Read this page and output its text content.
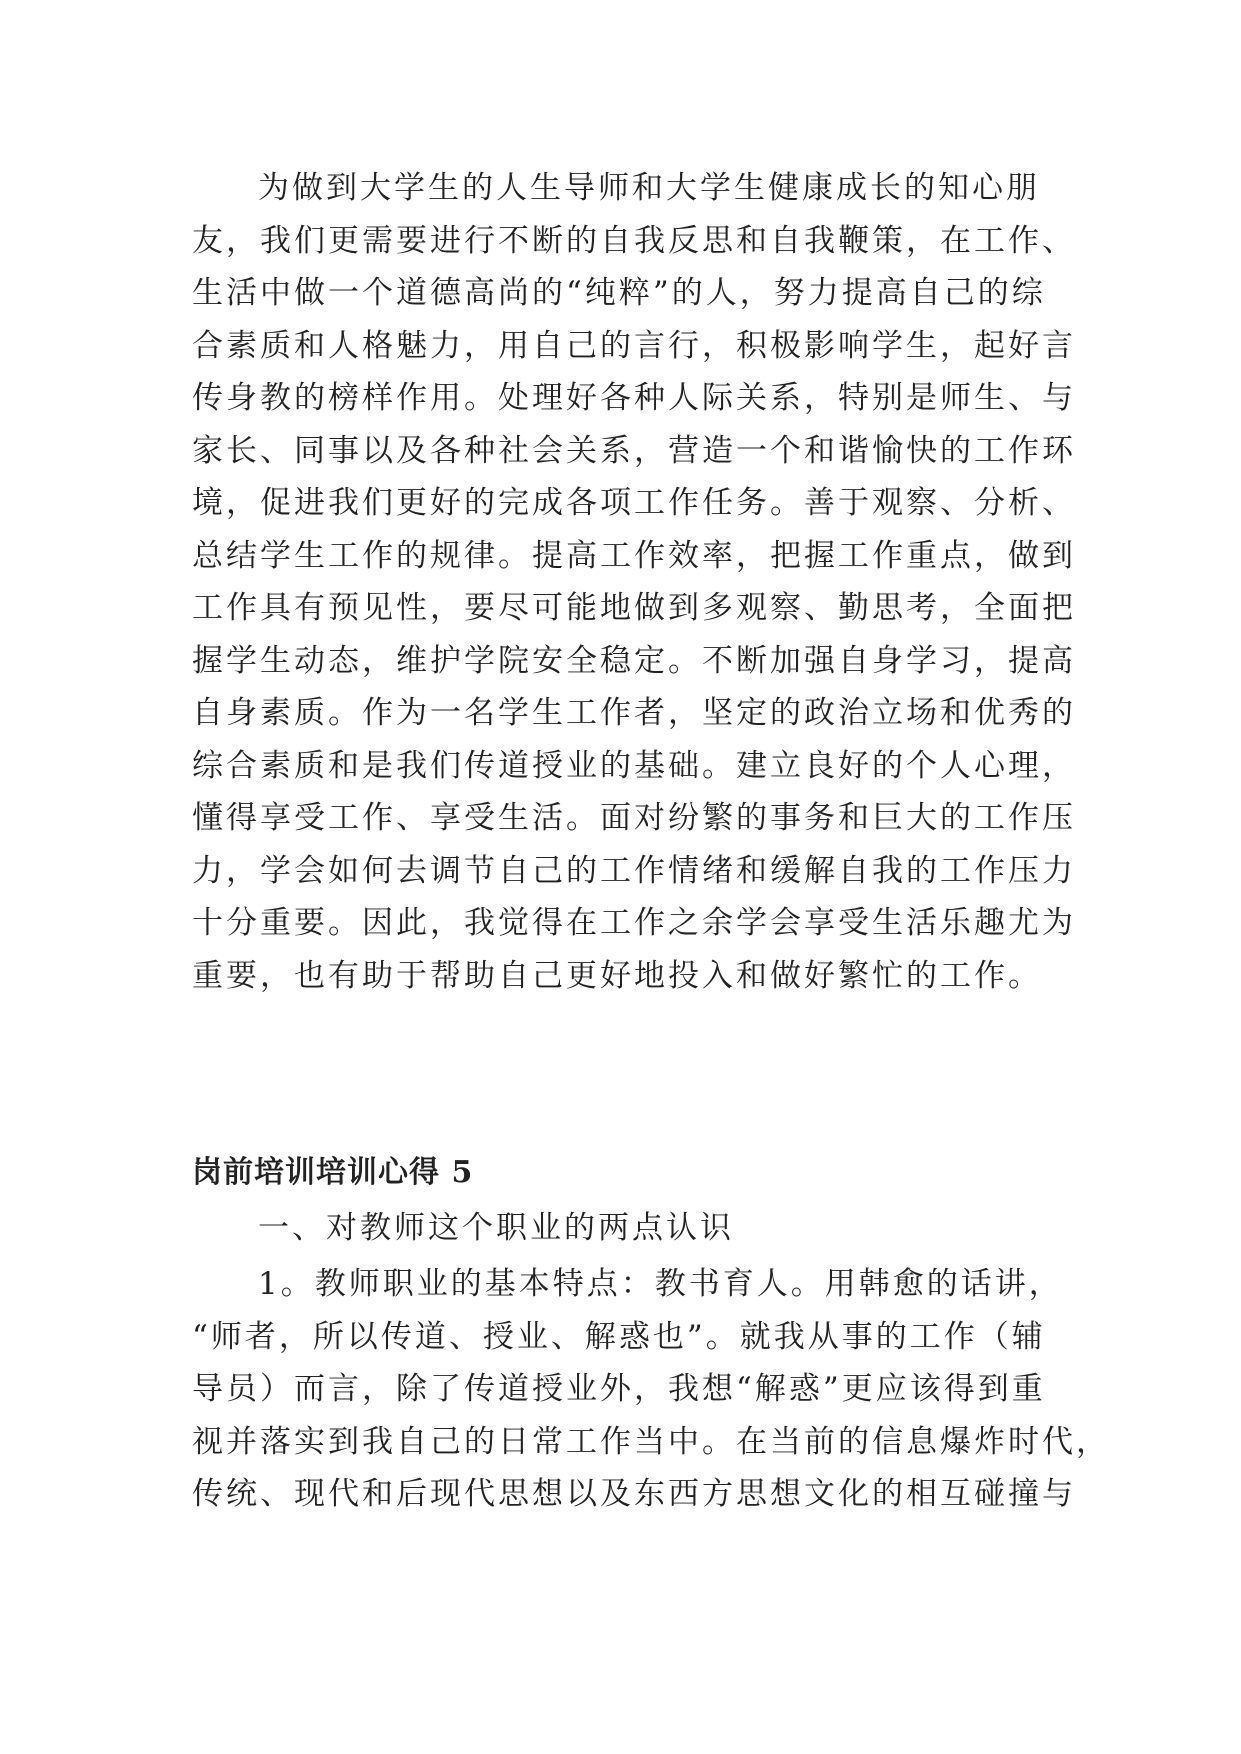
为做到大学生的人生导师和大学生健康成长的知心朋
友，我们更需要进行不断的自我反思和自我鞭策，在工作、
生活中做一个道德高尚的“纯粹”的人，努力提高自己的综
合素质和人格魅力，用自己的言行，积极影响学生，起好言
传身教的榜样作用。处理好各种人际关系，特别是师生、与
家长、同事以及各种社会关系，营造一个和谐愉快的工作环
境，促进我们更好的完成各项工作任务。善于观察、分析、
总结学生工作的规律。提高工作效率，把握工作重点，做到
工作具有预见性，要尽可能地做到多观察、勤思考，全面把
握学生动态，维护学院安全稳定。不断加强自身学习，提高
自身素质。作为一名学生工作者，坚定的政治立场和优秀的
综合素质和是我们传道授业的基础。建立良好的个人心理，
懂得享受工作、享受生活。面对纷繁的事务和巨大的工作压
力，学会如何去调节自己的工作情绪和缓解自我的工作压力
十分重要。因此，我觉得在工作之余学会享受生活乐趣尤为
重要，也有助于帮助自己更好地投入和做好繁忙的工作。
岗前培训培训心得 5
一、对教师这个职业的两点认识
1。教师职业的基本特点：教书育人。用韩愈的话讲，
“师者，所以传道、授业、解惑也”。就我从事的工作（辅
导员）而言，除了传道授业外，我想“解惑”更应该得到重
视并落实到我自己的日常工作当中。在当前的信息爆炸时代，
传统、现代和后现代思想以及东西方思想文化的相互碰撞与
